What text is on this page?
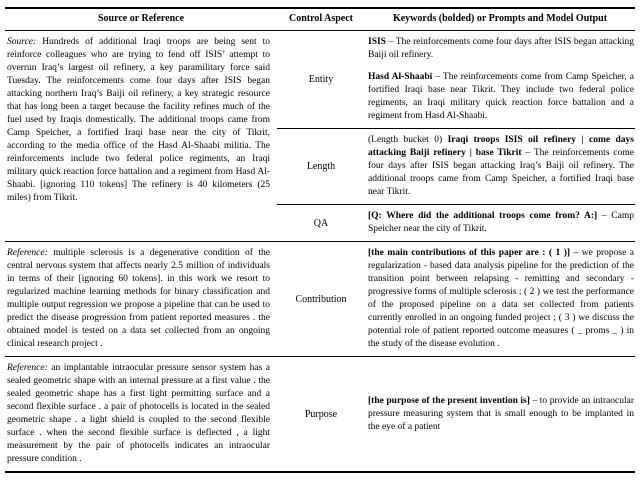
Source or Reference	Control Aspect	Keywords (bolded) or Prompts and Model Output
Source: Hundreds of additional Iraqi troops are being sent to reinforce colleagues who are trying to fend off ISIS’ attempt to overrun Iraq’s largest oil refinery, a key paramilitary force said Tuesday. The reinforcements come four days after ISIS began attacking northern Iraq’s Baiji oil refinery, a key strategic resource that has long been a target because the facility refines much of the fuel used by Iraqis domestically. The additional troops came from Camp Speicher, a fortified Iraqi base near the city of Tikrit, according to the media office of the Hasd Al-Shaabi militia. The reinforcements include two federal police regiments, an Iraqi military quick reaction force battalion and a regiment from Hasd Al-Shaabi. [ignoring 110 tokens] The refinery is 40 kilometers (25 miles) from Tikrit.
Entity
ISIS – The reinforcements come four days after ISIS began attacking Baiji oil refinery.
Hasd Al-Shaabi – The reinforcements come from Camp Speicher, a fortified Iraqi base near Tikrit. They include two federal police regiments, an Iraqi military quick reaction force battalion and a regiment from Hasd Al-Shaabi.
Length
(Length bucket 0) Iraqi troops ISIS oil refinery | come days attacking Baiji refinery | base Tikrit – The reinforcements come four days after ISIS began attacking Iraq’s Baiji oil refinery. The additional troops came from Camp Speicher, a fortified Iraqi base near Tikrit.
QA
[Q: Where did the additional troops come from? A:] – Camp Speicher near the city of Tikrit.
Reference: multiple sclerosis is a degenerative condition of the central nervous system that affects nearly 2.5 million of individuals in terms of their [ignoring 60 tokens]. in this work we resort to regularized machine learning methods for binary classification and multiple output regression we propose a pipeline that can be used to predict the disease progression from patient reported measures . the obtained model is tested on a data set collected from an ongoing clinical research project .
Contribution
[the main contributions of this paper are : ( 1 )] – we propose a regularization - based data analysis pipeline for the prediction of the transition point between relapsing - remitting and secondary - progressive forms of multiple sclerosis ; ( 2 ) we test the performance of the proposed pipeline on a data set collected from patients currently enrolled in an ongoing funded project ; ( 3 ) we discuss the potential role of patient reported outcome measures ( _ proms _ ) in the study of the disease evolution .
Reference: an implantable intraocular pressure sensor system has a sealed geometric shape with an internal pressure at a first value . the sealed geometric shape has a first light permitting surface and a second flexible surface . a pair of photocells is located in the sealed geometric shape . a light shield is coupled to the second flexible surface . when the second flexible surface is deflected , a light measurement by the pair of photocells indicates an intraocular pressure condition .
Purpose
[the purpose of the present invention is] – to provide an intraocular pressure measuring system that is small enough to be implanted in the eye of a patient
